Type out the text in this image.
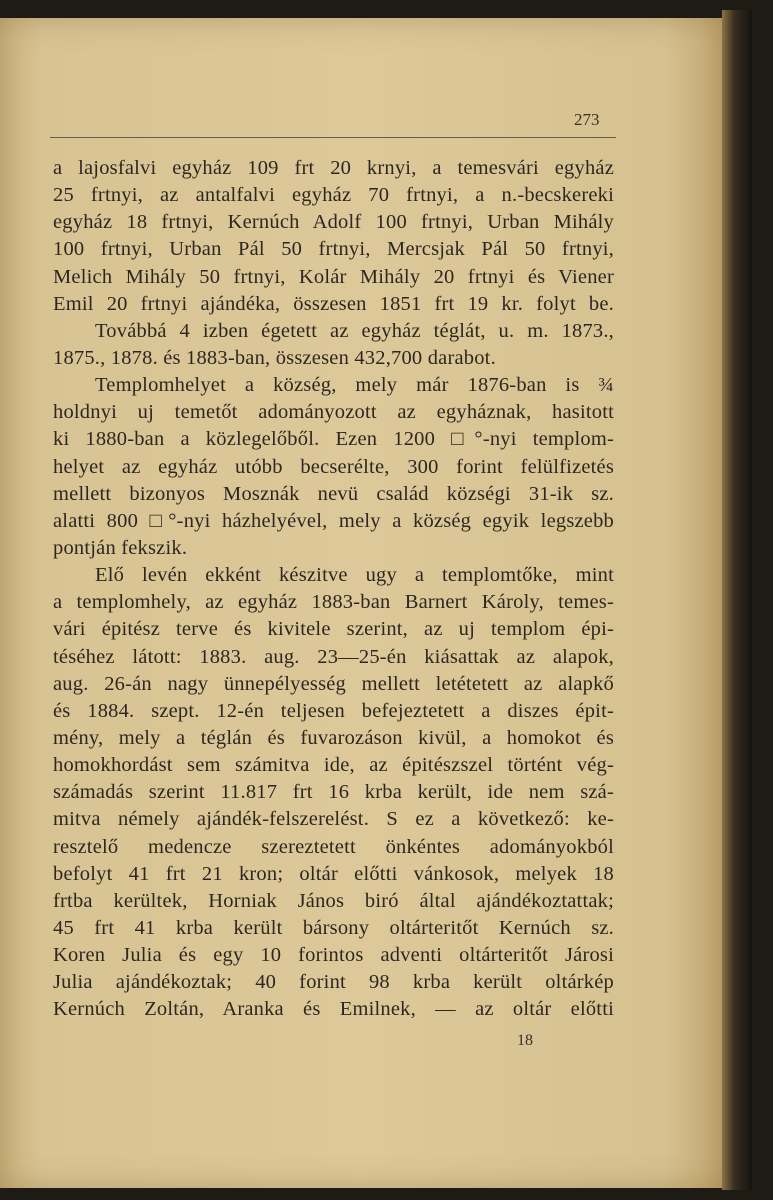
273
a lajosfalvi egyház 109 frt 20 krnyi, a temesvári egyház
25 frtnyi, az antalfalvi egyház 70 frtnyi, a n.-becskereki
egyház 18 frtnyi, Kernúch Adolf 100 frtnyi, Urban Mihály
100 frtnyi, Urban Pál 50 frtnyi, Mercsjak Pál 50 frtnyi,
Melich Mihály 50 frtnyi, Kolár Mihály 20 frtnyi és Viener
Emil 20 frtnyi ajándéka, összesen 1851 frt 19 kr. folyt be.
Továbbá 4 izben égetett az egyház téglát, u. m. 1873.,
1875., 1878. és 1883-ban, összesen 432,700 darabot.
Templomhelyet a község, mely már 1876-ban is ¾
holdnyi uj temetőt adományozott az egyháznak, hasitott
ki 1880-ban a közlegelőből. Ezen 1200 □°-nyi templom-
helyet az egyház utóbb becserélte, 300 forint felülfizetés
mellett bizonyos Mosznák nevü család községi 31-ik sz.
alatti 800 □°-nyi házhelyével, mely a község egyik legszebb
pontján fekszik.
Elő levén ekként készitve ugy a templomtőke, mint
a templomhely, az egyház 1883-ban Barnert Károly, temes-
vári épitész terve és kivitele szerint, az uj templom épi-
téséhez látott: 1883. aug. 23—25-én kiásattak az alapok,
aug. 26-án nagy ünnepélyesség mellett letétetett az alapkő
és 1884. szept. 12-én teljesen befejeztetett a diszes épit-
mény, mely a téglán és fuvarozáson kivül, a homokot és
homokhordást sem számitva ide, az épitészszel történt vég-
számadás szerint 11.817 frt 16 krba került, ide nem szá-
mitva némely ajándék-felszerelést. S ez a következő: ke-
resztelő medencze szereztetett önkéntes adományokból
befolyt 41 frt 21 kron; oltár előtti vánkosok, melyek 18
frtba kerültek, Horniak János biró által ajándékoztattak;
45 frt 41 krba került bársony oltárteritőt Kernúch sz.
Koren Julia és egy 10 forintos adventi oltárteritőt Járosi
Julia ajándékoztak; 40 forint 98 krba került oltárkép
Kernúch Zoltán, Aranka és Emilnek, — az oltár előtti
18
